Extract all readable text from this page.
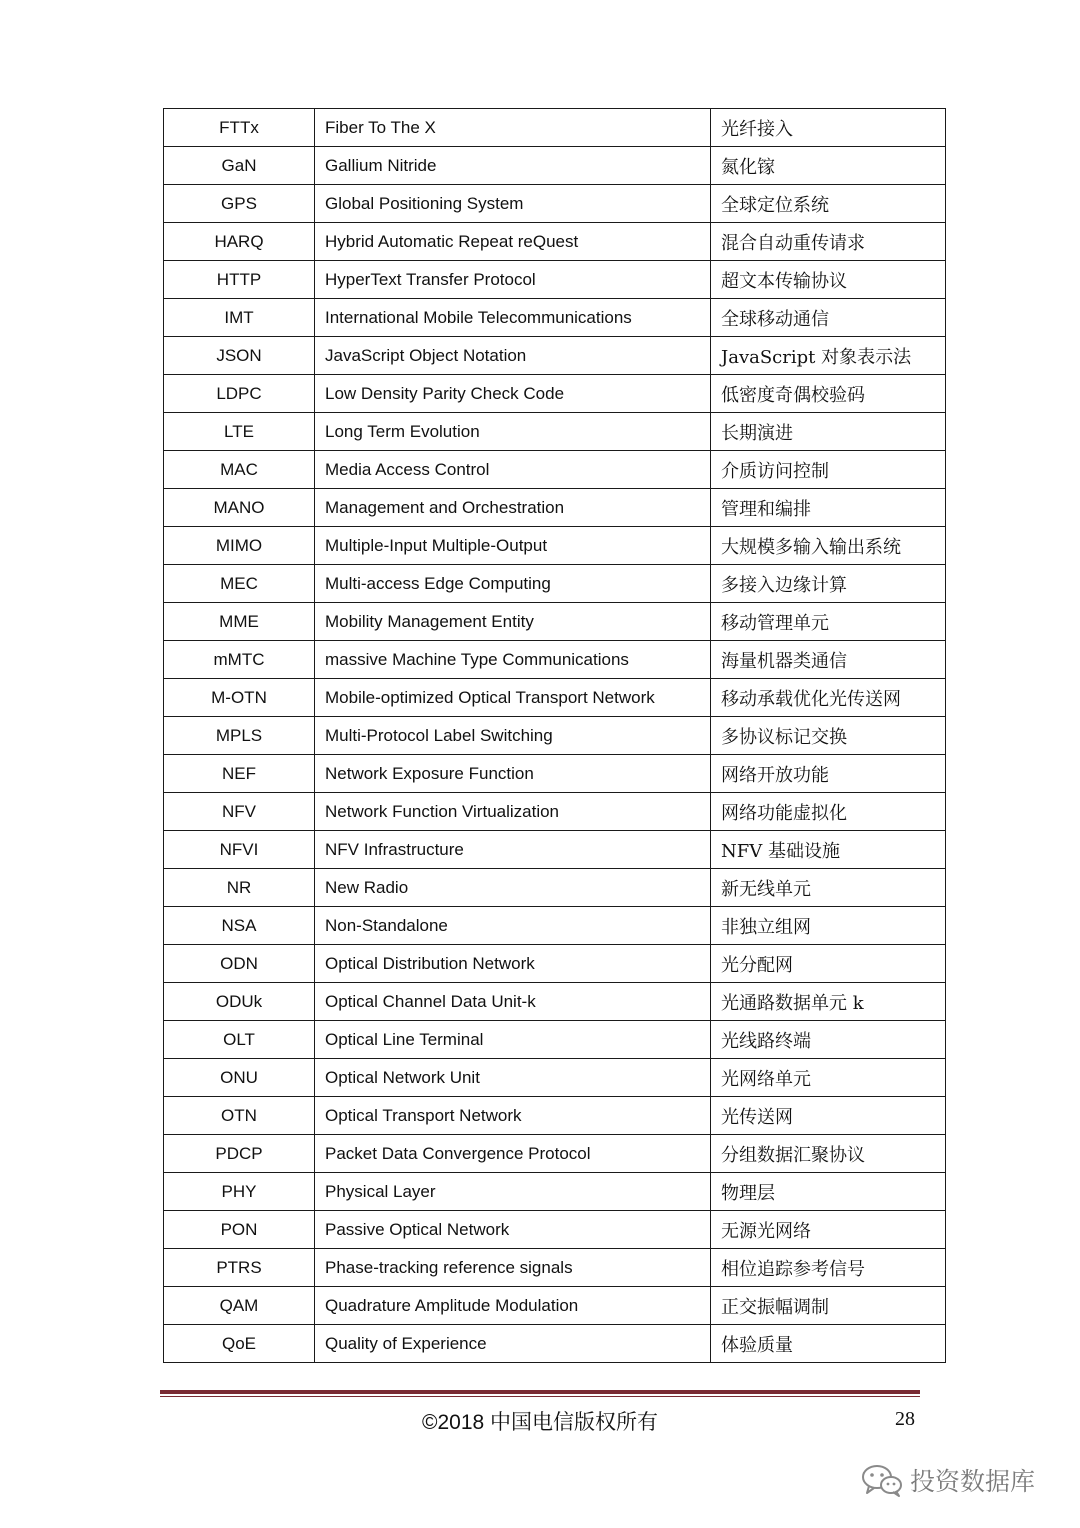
FTTx	Fiber To The X	光纤接入
GaN	Gallium Nitride	氮化镓
GPS	Global Positioning System	全球定位系统
HARQ	Hybrid Automatic Repeat reQuest	混合自动重传请求
HTTP	HyperText Transfer Protocol	超文本传输协议
IMT	International Mobile Telecommunications	全球移动通信
JSON	JavaScript Object Notation	JavaScript 对象表示法
LDPC	Low Density Parity Check Code	低密度奇偶校验码
LTE	Long Term Evolution	长期演进
MAC	Media Access Control	介质访问控制
MANO	Management and Orchestration	管理和编排
MIMO	Multiple-Input Multiple-Output	大规模多输入输出系统
MEC	Multi-access Edge Computing	多接入边缘计算
MME	Mobility Management Entity	移动管理单元
mMTC	massive Machine Type Communications	海量机器类通信
M-OTN	Mobile-optimized Optical Transport Network	移动承载优化光传送网
MPLS	Multi-Protocol Label Switching	多协议标记交换
NEF	Network Exposure Function	网络开放功能
NFV	Network Function Virtualization	网络功能虚拟化
NFVI	NFV Infrastructure	NFV 基础设施
NR	New Radio	新无线单元
NSA	Non-Standalone	非独立组网
ODN	Optical Distribution Network	光分配网
ODUk	Optical Channel Data Unit-k	光通路数据单元 k
OLT	Optical Line Terminal	光线路终端
ONU	Optical Network Unit	光网络单元
OTN	Optical Transport Network	光传送网
PDCP	Packet Data Convergence Protocol	分组数据汇聚协议
PHY	Physical Layer	物理层
PON	Passive Optical Network	无源光网络
PTRS	Phase-tracking reference signals	相位追踪参考信号
QAM	Quadrature Amplitude Modulation	正交振幅调制
QoE	Quality of Experience	体验质量
©2018 中国电信版权所有	28
投资数据库
